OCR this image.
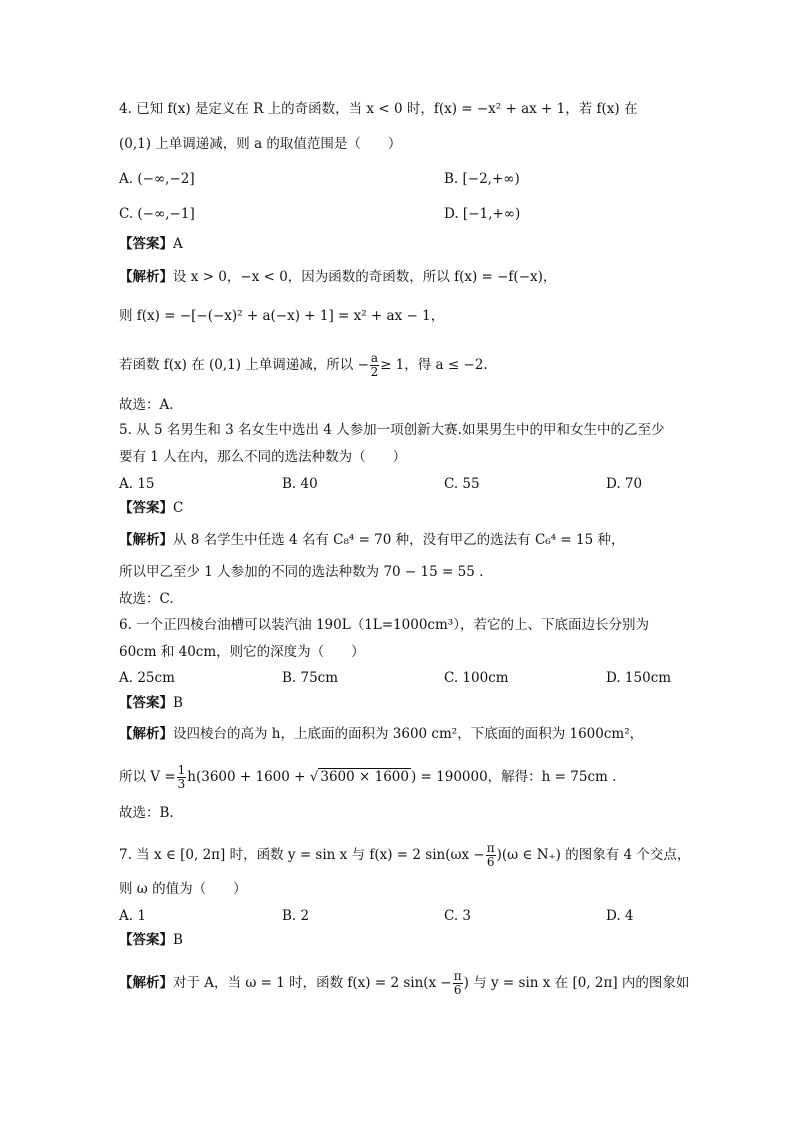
4. 已知 f(x) 是定义在 R 上的奇函数，当 x < 0 时，f(x) = −x² + ax + 1，若 f(x) 在
(0,1) 上单调递减，则 a 的取值范围是（　　）
A. (−∞,−2]	B. [−2,+∞)
C. (−∞,−1]	D. [−1,+∞)
【答案】A
【解析】设 x > 0，−x < 0，因为函数的奇函数，所以 f(x) = −f(−x)，
则 f(x) = −[−(−x)² + a(−x) + 1] = x² + ax − 1，
若函数 f(x) 在 (0,1) 上单调递减，所以 − $\frac{a}{2} \ge 1$，得 a ≤ −2.
故选：A.
5. 从 5 名男生和 3 名女生中选出 4 人参加一项创新大赛.如果男生中的甲和女生中的乙至少
要有 1 人在内，那么不同的选法种数为（　　）
A. 15	B. 40	C. 55	D. 70
【答案】C
【解析】从 8 名学生中任选 4 名有 C₈⁴ = 70 种，没有甲乙的选法有 C₆⁴ = 15 种，
所以甲乙至少 1 人参加的不同的选法种数为 70 − 15 = 55 .
故选：C.
6. 一个正四棱台油槽可以装汽油 190L（1L=1000cm³），若它的上、下底面边长分别为
60cm 和 40cm，则它的深度为（　　）
A. 25cm	B. 75cm	C. 100cm	D. 150cm
【答案】B
【解析】设四棱台的高为 h，上底面的面积为 3600 cm²，下底面的面积为 1600cm²，
所以 $V = \frac{1}{3} h(3600 + 1600$ + √ 3600 × 1600 ) = 190000，解得：h = 75cm .
故选：B.
7. 当 x ∈ [0, 2π] 时，函数 y = sin x 与 f(x) = 2 $\sin(\omega x - \frac{\pi}{6} )(\omega$ ∈ N₊) 的图象有 4 个交点，
则 ω 的值为（　　）
A. 1	B. 2	C. 3	D. 4
【答案】B
【解析】对于 A，当 ω = 1 时，函数 f(x) = 2 $\sin(x - \frac{\pi}{6}$ ) 与 y = sin x 在 [0, 2π] 内的图象如
